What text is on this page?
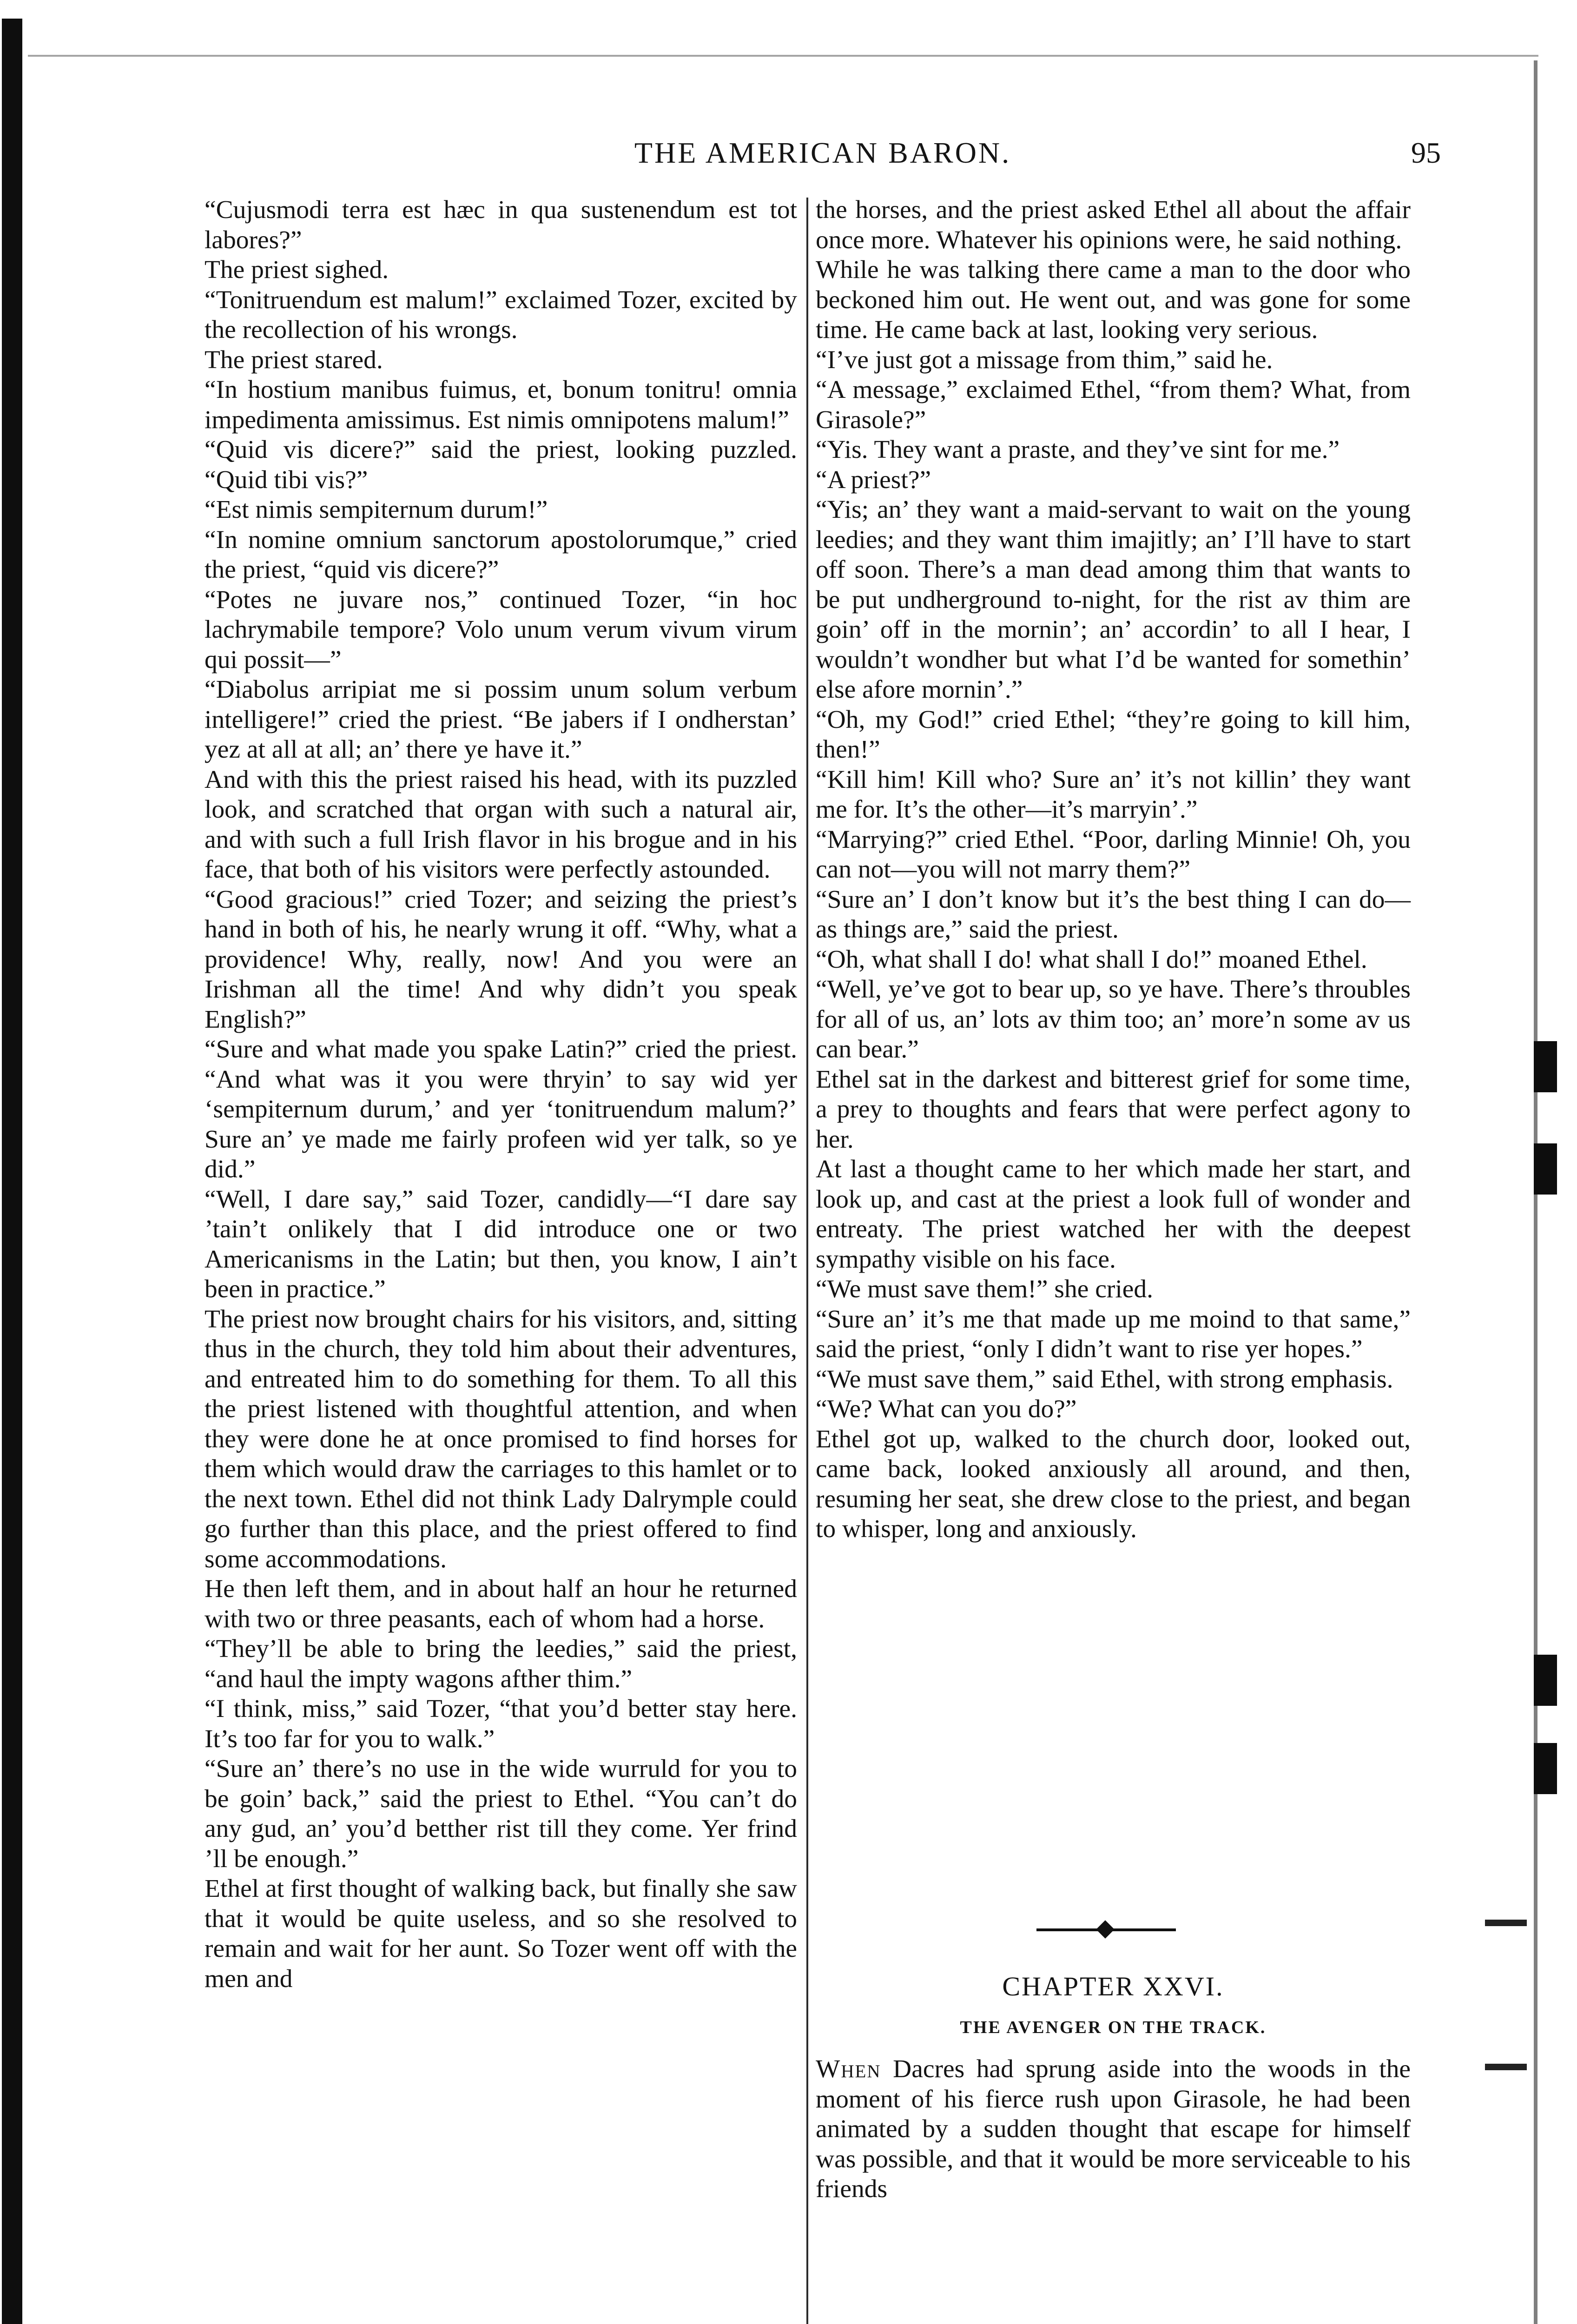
THE AMERICAN BARON.	95

“Cujusmodi terra est hæc in qua sustenendum est tot labores?”

The priest sighed.

“Tonitruendum est malum!” exclaimed Tozer, excited by the recollection of his wrongs.

The priest stared.

“In hostium manibus fuimus, et, bonum tonitru! omnia impedimenta amissimus. Est nimis omnipotens malum!”

“Quid vis dicere?” said the priest, looking puzzled. “Quid tibi vis?”

“Est nimis sempiternum durum!”

“In nomine omnium sanctorum apostolorumque,” cried the priest, “quid vis dicere?”

“Potes ne juvare nos,” continued Tozer, “in hoc lachrymabile tempore? Volo unum verum vivum virum qui possit—”

“Diabolus arripiat me si possim unum solum verbum intelligere!” cried the priest. “Be jabers if I ondherstan’ yez at all at all; an’ there ye have it.”

And with this the priest raised his head, with its puzzled look, and scratched that organ with such a natural air, and with such a full Irish flavor in his brogue and in his face, that both of his visitors were perfectly astounded.

“Good gracious!” cried Tozer; and seizing the priest’s hand in both of his, he nearly wrung it off. “Why, what a providence! Why, really, now! And you were an Irishman all the time! And why didn’t you speak English?”

“Sure and what made you spake Latin?” cried the priest. “And what was it you were thryin’ to say wid yer ‘sempiternum durum,’ and yer ‘tonitruendum malum?’ Sure an’ ye made me fairly profeen wid yer talk, so ye did.”

“Well, I dare say,” said Tozer, candidly—“I dare say ’tain’t onlikely that I did introduce one or two Americanisms in the Latin; but then, you know, I ain’t been in practice.”

The priest now brought chairs for his visitors, and, sitting thus in the church, they told him about their adventures, and entreated him to do something for them. To all this the priest listened with thoughtful attention, and when they were done he at once promised to find horses for them which would draw the carriages to this hamlet or to the next town. Ethel did not think Lady Dalrymple could go further than this place, and the priest offered to find some accommodations.

He then left them, and in about half an hour he returned with two or three peasants, each of whom had a horse.

“They’ll be able to bring the leedies,” said the priest, “and haul the impty wagons afther thim.”

“I think, miss,” said Tozer, “that you’d better stay here. It’s too far for you to walk.”

“Sure an’ there’s no use in the wide wurruld for you to be goin’ back,” said the priest to Ethel. “You can’t do any gud, an’ you’d betther rist till they come. Yer frind ’ll be enough.”

Ethel at first thought of walking back, but finally she saw that it would be quite useless, and so she resolved to remain and wait for her aunt. So Tozer went off with the men and

the horses, and the priest asked Ethel all about the affair once more. Whatever his opinions were, he said nothing.

While he was talking there came a man to the door who beckoned him out. He went out, and was gone for some time. He came back at last, looking very serious.

“I’ve just got a missage from thim,” said he.

“A message,” exclaimed Ethel, “from them? What, from Girasole?”

“Yis. They want a praste, and they’ve sint for me.”

“A priest?”

“Yis; an’ they want a maid-servant to wait on the young leedies; and they want thim imajitly; an’ I’ll have to start off soon. There’s a man dead among thim that wants to be put undherground to-night, for the rist av thim are goin’ off in the mornin’; an’ accordin’ to all I hear, I wouldn’t wondher but what I’d be wanted for somethin’ else afore mornin’.”

“Oh, my God!” cried Ethel; “they’re going to kill him, then!”

“Kill him! Kill who? Sure an’ it’s not killin’ they want me for. It’s the other—it’s marryin’.”

“Marrying?” cried Ethel. “Poor, darling Minnie! Oh, you can not—you will not marry them?”

“Sure an’ I don’t know but it’s the best thing I can do—as things are,” said the priest.

“Oh, what shall I do! what shall I do!” moaned Ethel.

“Well, ye’ve got to bear up, so ye have. There’s throubles for all of us, an’ lots av thim too; an’ more’n some av us can bear.”

Ethel sat in the darkest and bitterest grief for some time, a prey to thoughts and fears that were perfect agony to her.

At last a thought came to her which made her start, and look up, and cast at the priest a look full of wonder and entreaty. The priest watched her with the deepest sympathy visible on his face.

“We must save them!” she cried.

“Sure an’ it’s me that made up me moind to that same,” said the priest, “only I didn’t want to rise yer hopes.”

“We must save them,” said Ethel, with strong emphasis.

“We? What can you do?”

Ethel got up, walked to the church door, looked out, came back, looked anxiously all around, and then, resuming her seat, she drew close to the priest, and began to whisper, long and anxiously.

CHAPTER XXVI.
THE AVENGER ON THE TRACK.

When Dacres had sprung aside into the woods in the moment of his fierce rush upon Girasole, he had been animated by a sudden thought that escape for himself was possible, and that it would be more serviceable to his friends
